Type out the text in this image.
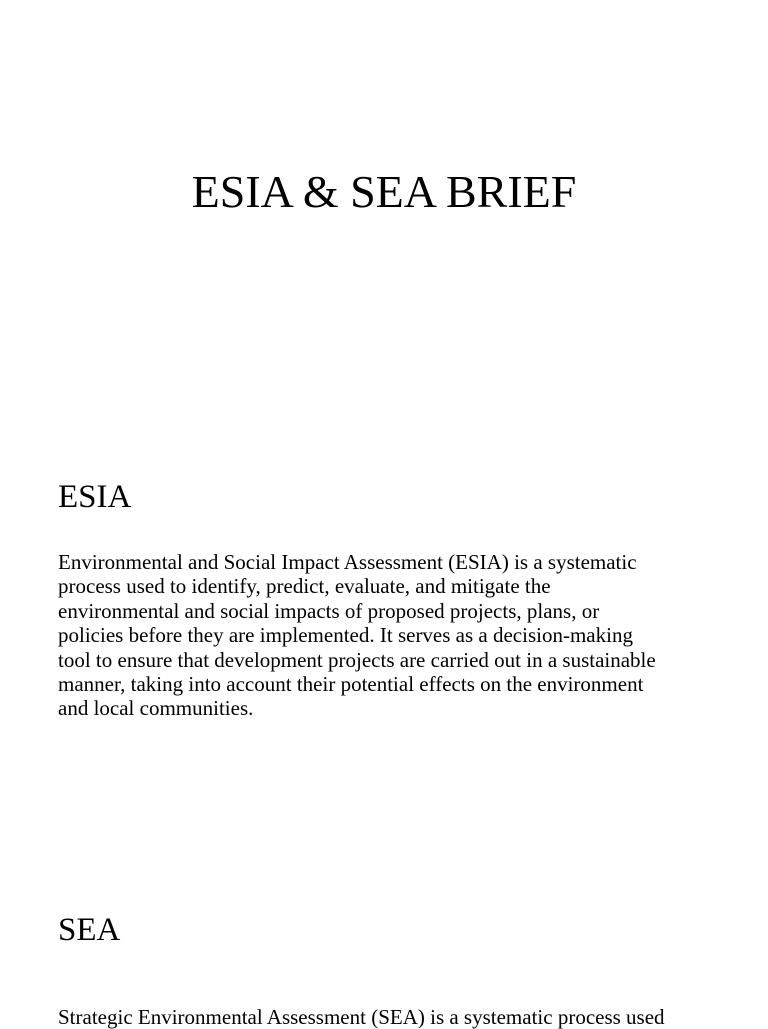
ESIA & SEA BRIEF
ESIA

Environmental and Social Impact Assessment (ESIA) is a systematic
process used to identify, predict, evaluate, and mitigate the
environmental and social impacts of proposed projects, plans, or
policies before they are implemented. It serves as a decision-making
tool to ensure that development projects are carried out in a sustainable
manner, taking into account their potential effects on the environment
and local communities.

SEA

Strategic Environmental Assessment (SEA) is a systematic process used
